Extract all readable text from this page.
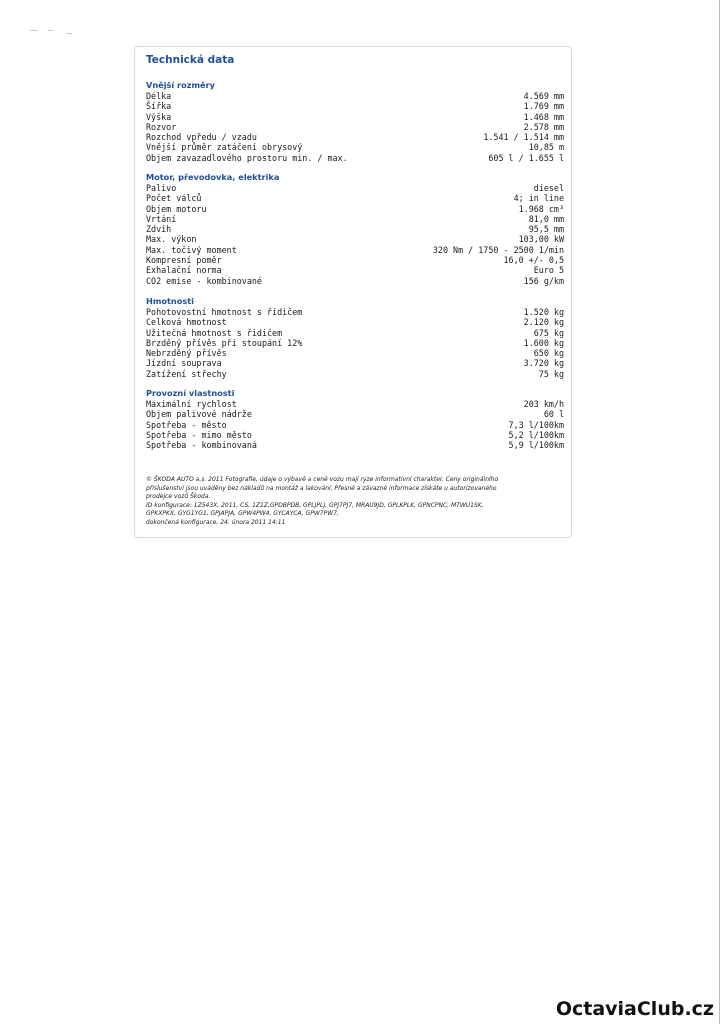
Technická data
Vnější rozměry
Délka	4.569 mm
Šířka	1.769 mm
Výška	1.468 mm
Rozvor	2.578 mm
Rozchod vpředu / vzadu	1.541 / 1.514 mm
Vnější průměr zatáčení obrysový	10,85 m
Objem zavazadlového prostoru min. / max.	605 l / 1.655 l
Motor, převodovka, elektrika
Palivo	diesel
Počet válců	4; in line
Objem motoru	1.968 cm³
Vrtání	81,0 mm
Zdvih	95,5 mm
Max. výkon	103,00 kW
Max. točivý moment	320 Nm / 1750 - 2500 1/min
Kompresní poměr	16,0 +/- 0,5
Exhalační norma	Euro 5
CO2 emise - kombinované	156 g/km
Hmotnosti
Pohotovostní hmotnost s řidičem	1.520 kg
Celková hmotnost	2.120 kg
Užitečná hmotnost s řidičem	675 kg
Brzděný přívěs při stoupání 12%	1.600 kg
Nebrzděný přívěs	650 kg
Jízdní souprava	3.720 kg
Zatížení střechy	75 kg
Provozní vlastnosti
Maximální rychlost	203 km/h
Objem palivové nádrže	60 l
Spotřeba - město	7,3 l/100km
Spotřeba - mimo město	5,2 l/100km
Spotřeba - kombinovaná	5,9 l/100km
© ŠKODA AUTO a.s. 2011 Fotografie, údaje o výbavě a ceně vozu mají ryze informativní charakter. Ceny originálního
příslušenství jsou uváděny bez nákladů na montáž a lakování. Přesné a závazné informace získáte u autorizovaného
prodejce vozů Škoda.
ID konfigurace: 1Z543X, 2011, CS, 1Z1Z,GPDBPDB, GPLJPLJ, GPJ7PJ7, MRAU9JD, GPLKPLK, GPNCPNC, MTWU1SK,
GPKXPKX, GYG1YG1, GPJAPJA, GPW4PW4, GYCAYCA, GPW7PW7,
dokončená konfigurace, 24. února 2011 14:11
OctaviaClub.cz
